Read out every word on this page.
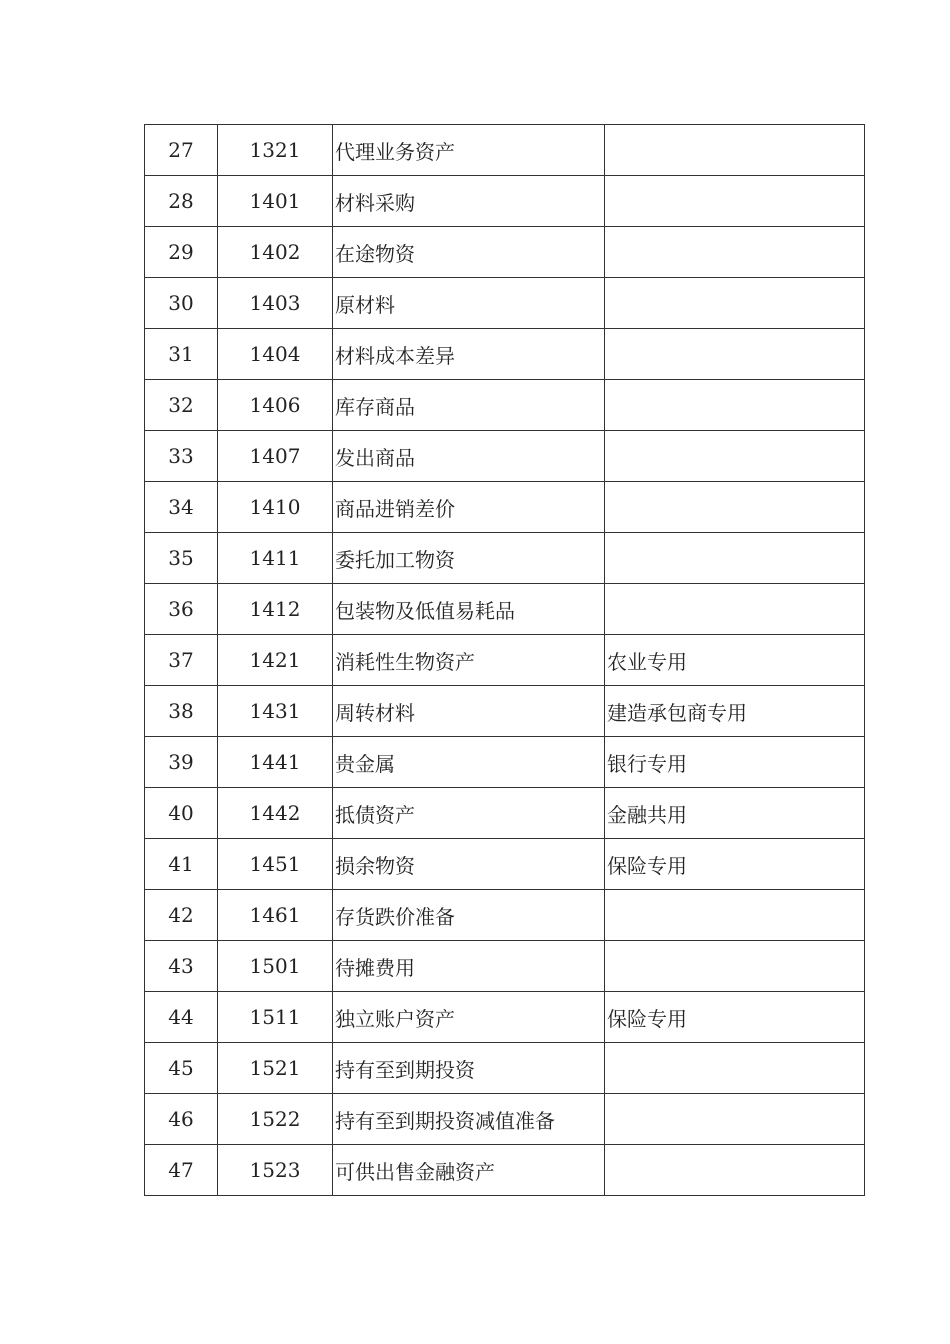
27	1321	代理业务资产	
28	1401	材料采购	
29	1402	在途物资	
30	1403	原材料	
31	1404	材料成本差异	
32	1406	库存商品	
33	1407	发出商品	
34	1410	商品进销差价	
35	1411	委托加工物资	
36	1412	包装物及低值易耗品	
37	1421	消耗性生物资产	农业专用
38	1431	周转材料	建造承包商专用
39	1441	贵金属	银行专用
40	1442	抵债资产	金融共用
41	1451	损余物资	保险专用
42	1461	存货跌价准备	
43	1501	待摊费用	
44	1511	独立账户资产	保险专用
45	1521	持有至到期投资	
46	1522	持有至到期投资减值准备	
47	1523	可供出售金融资产	
